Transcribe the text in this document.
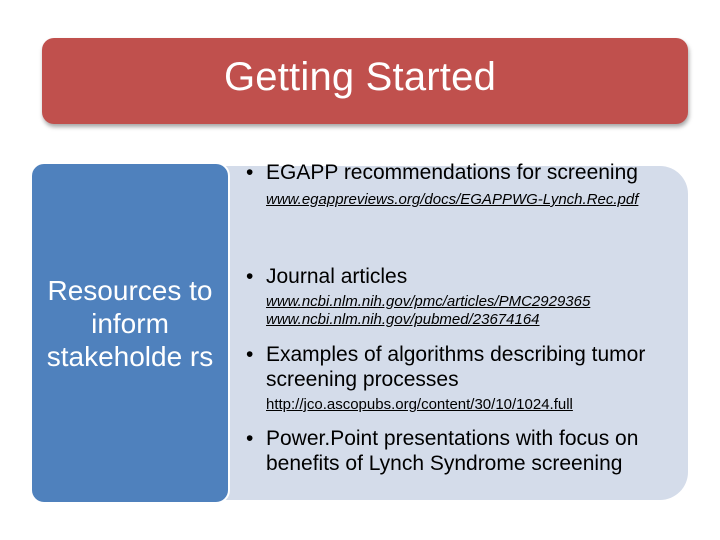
Getting Started
Resources to inform stakeholde rs
• EGAPP recommendations for screening
www.egappreviews.org/docs/EGAPPWG-Lynch.Rec.pdf
• Journal articles
www.ncbi.nlm.nih.gov/pmc/articles/PMC2929365 www.ncbi.nlm.nih.gov/pubmed/23674164
• Examples of algorithms describing tumor screening processes
http://jco.ascopubs.org/content/30/10/1024.full
• Power.Point presentations with focus on benefits of Lynch Syndrome screening
